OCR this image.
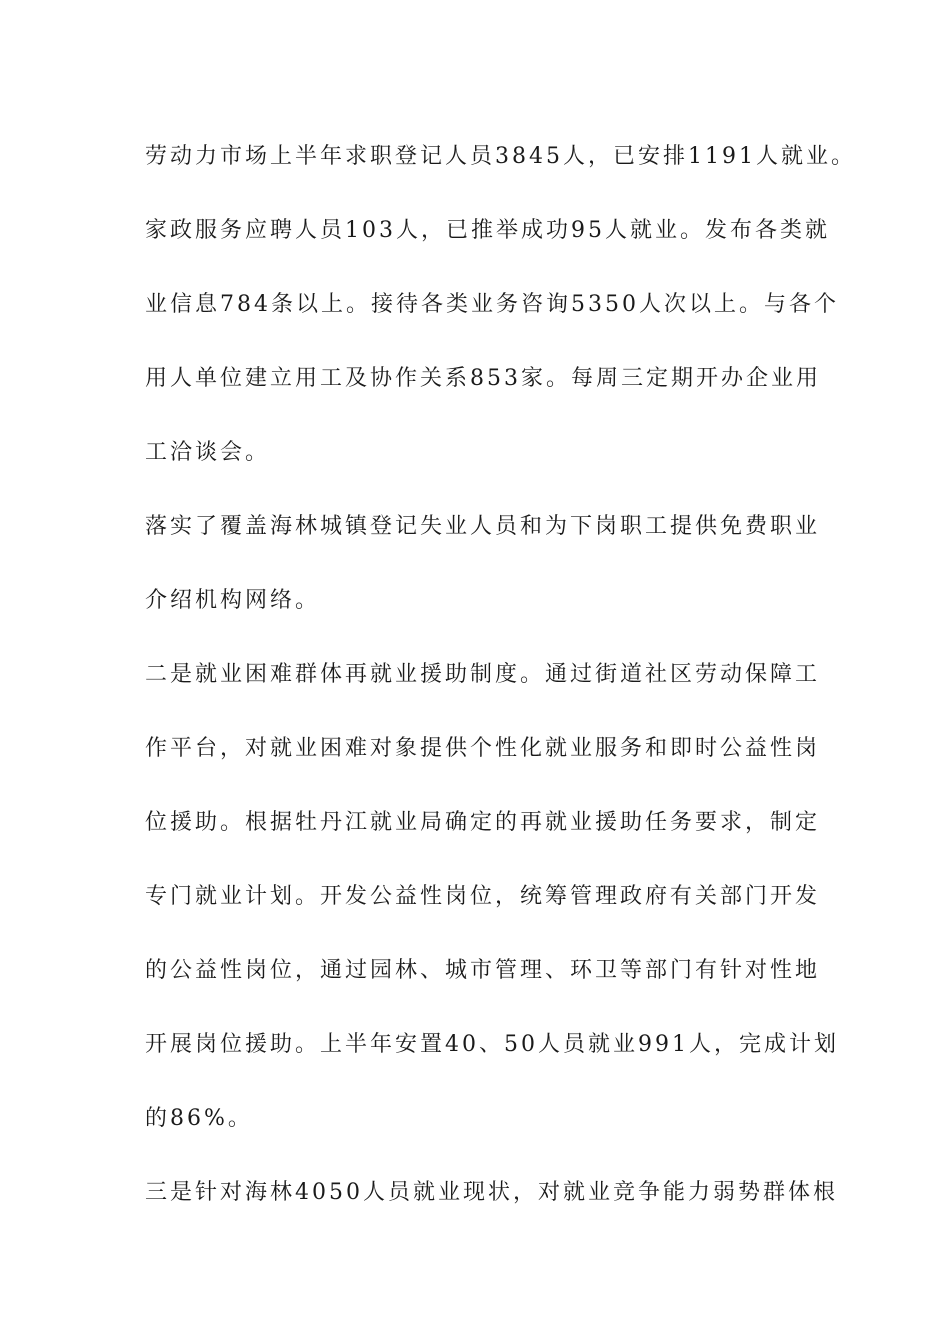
劳动力市场上半年求职登记人员3845人，已安排1191人就业。
家政服务应聘人员103人，已推举成功95人就业。发布各类就
业信息784条以上。接待各类业务咨询5350人次以上。与各个
用人单位建立用工及协作关系853家。每周三定期开办企业用
工洽谈会。
落实了覆盖海林城镇登记失业人员和为下岗职工提供免费职业
介绍机构网络。
二是就业困难群体再就业援助制度。通过街道社区劳动保障工
作平台，对就业困难对象提供个性化就业服务和即时公益性岗
位援助。根据牡丹江就业局确定的再就业援助任务要求，制定
专门就业计划。开发公益性岗位，统筹管理政府有关部门开发
的公益性岗位，通过园林、城市管理、环卫等部门有针对性地
开展岗位援助。上半年安置40、50人员就业991人，完成计划
的86%。
三是针对海林4050人员就业现状，对就业竞争能力弱势群体根
